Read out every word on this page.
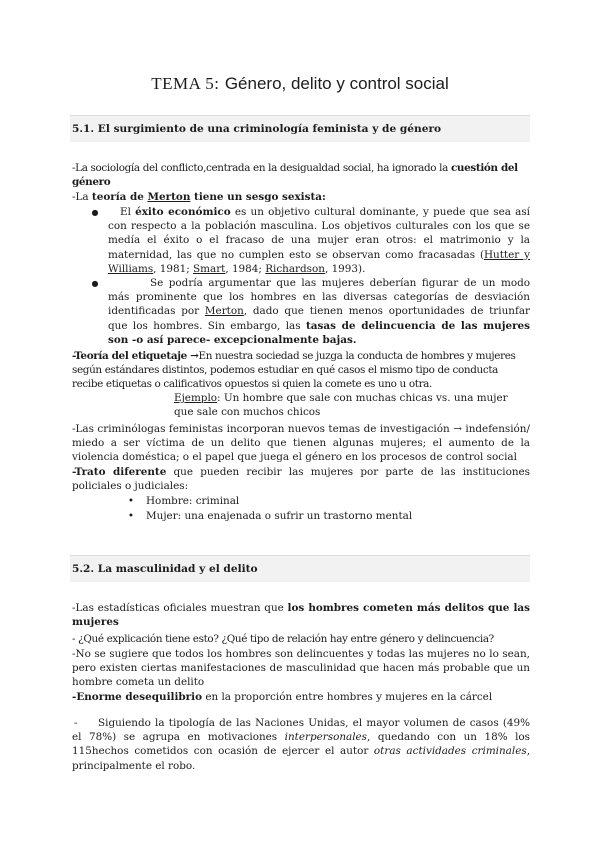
TEMA 5: Género, delito y control social
5.1. El surgimiento de una criminología feminista y de género
-La sociología del conflicto,centrada en la desigualdad social, ha ignorado la cuestión del género
-La teoría de Merton tiene un sesgo sexista:
●	El éxito económico es un objetivo cultural dominante, y puede que sea así con respecto a la población masculina. Los objetivos culturales con los que se medía el éxito o el fracaso de una mujer eran otros: el matrimonio y la maternidad, las que no cumplen esto se observan como fracasadas (Hutter y Williams, 1981; Smart, 1984; Richardson, 1993).
●	Se podría argumentar que las mujeres deberían figurar de un modo más prominente que los hombres en las diversas categorías de desviación identificadas por Merton, dado que tienen menos oportunidades de triunfar que los hombres. Sin embargo, las tasas de delincuencia de las mujeres son -o así parece- excepcionalmente bajas.
-Teoría del etiquetaje →En nuestra sociedad se juzga la conducta de hombres y mujeres según estándares distintos, podemos estudiar en qué casos el mismo tipo de conducta recibe etiquetas o calificativos opuestos si quien la comete es uno u otra.
Ejemplo: Un hombre que sale con muchas chicas vs. una mujer que sale con muchos chicos
-Las criminólogas feministas incorporan nuevos temas de investigación → indefensión/ miedo a ser víctima de un delito que tienen algunas mujeres; el aumento de la violencia doméstica; o el papel que juega el género en los procesos de control social
-Trato diferente que pueden recibir las mujeres por parte de las instituciones policiales o judiciales:
• Hombre: criminal
• Mujer: una enajenada o sufrir un trastorno mental
5.2. La masculinidad y el delito
-Las estadísticas oficiales muestran que los hombres cometen más delitos que las mujeres
- ¿Qué explicación tiene esto? ¿Qué tipo de relación hay entre género y delincuencia?
-No se sugiere que todos los hombres son delincuentes y todas las mujeres no lo sean, pero existen ciertas manifestaciones de masculinidad que hacen más probable que un hombre cometa un delito
-Enorme desequilibrio en la proporción entre hombres y mujeres en la cárcel
-	Siguiendo la tipología de las Naciones Unidas, el mayor volumen de casos (49% el 78%) se agrupa en motivaciones interpersonales, quedando con un 18% los 115hechos cometidos con ocasión de ejercer el autor otras actividades criminales, principalmente el robo.
